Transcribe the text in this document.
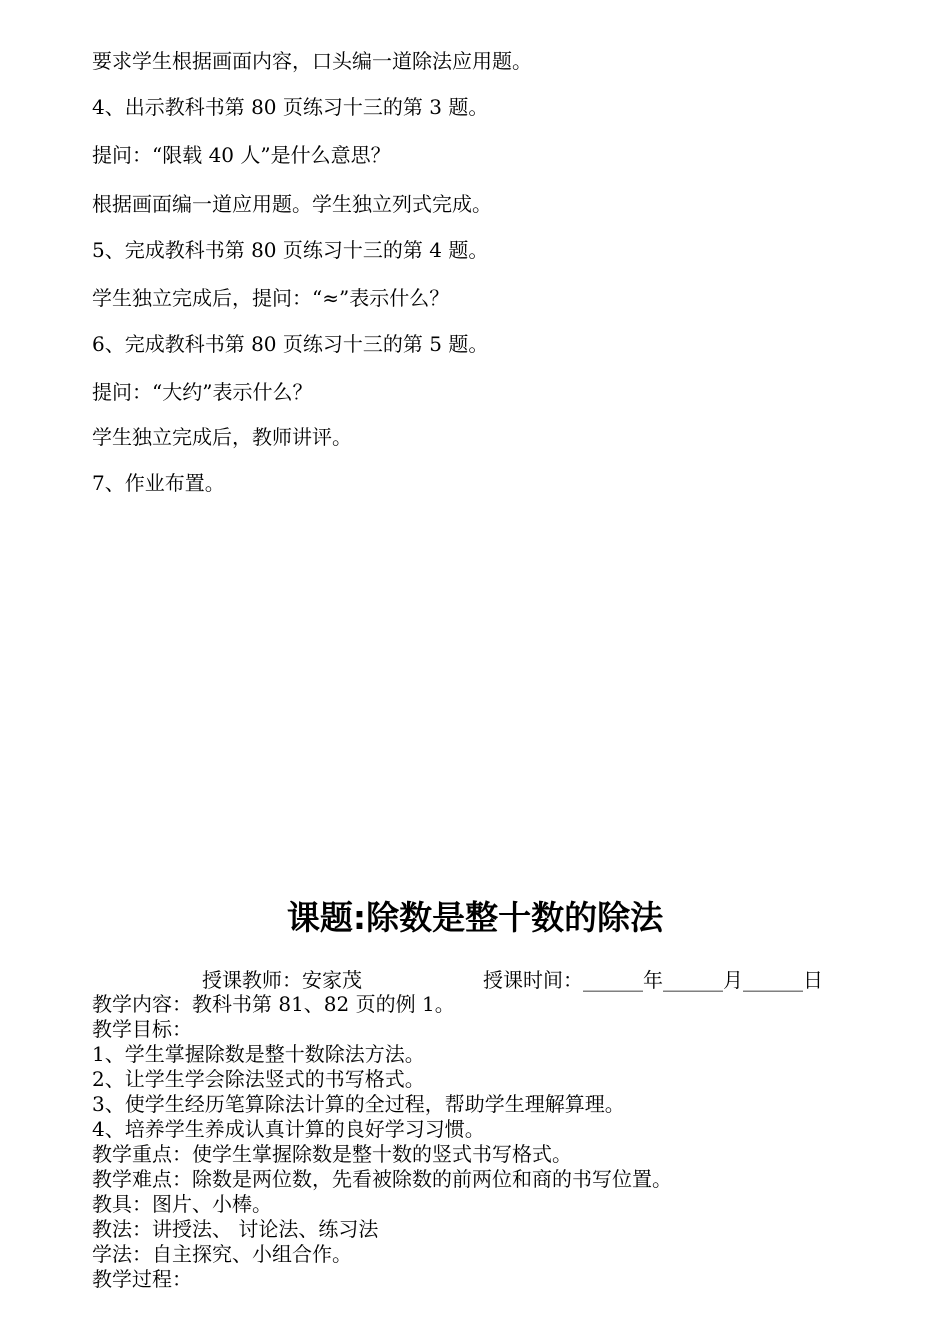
要求学生根据画面内容，口头编一道除法应用题。
4、出示教科书第 80 页练习十三的第 3 题。
提问：“限载 40 人”是什么意思？
根据画面编一道应用题。学生独立列式完成。
5、完成教科书第 80 页练习十三的第 4 题。
学生独立完成后，提问：“≈”表示什么？
6、完成教科书第 80 页练习十三的第 5 题。
提问：“大约”表示什么？
学生独立完成后，教师讲评。
7、作业布置。
课题:除数是整十数的除法
授课教师：安家茂	授课时间：______年______月______日
教学内容：教科书第 81、82 页的例 1。
教学目标：
1、学生掌握除数是整十数除法方法。
2、让学生学会除法竖式的书写格式。
3、使学生经历笔算除法计算的全过程，帮助学生理解算理。
4、培养学生养成认真计算的良好学习习惯。
教学重点：使学生掌握除数是整十数的竖式书写格式。
教学难点：除数是两位数，先看被除数的前两位和商的书写位置。
教具：图片、小棒。
教法：讲授法、 讨论法、练习法
学法：自主探究、小组合作。
教学过程：
